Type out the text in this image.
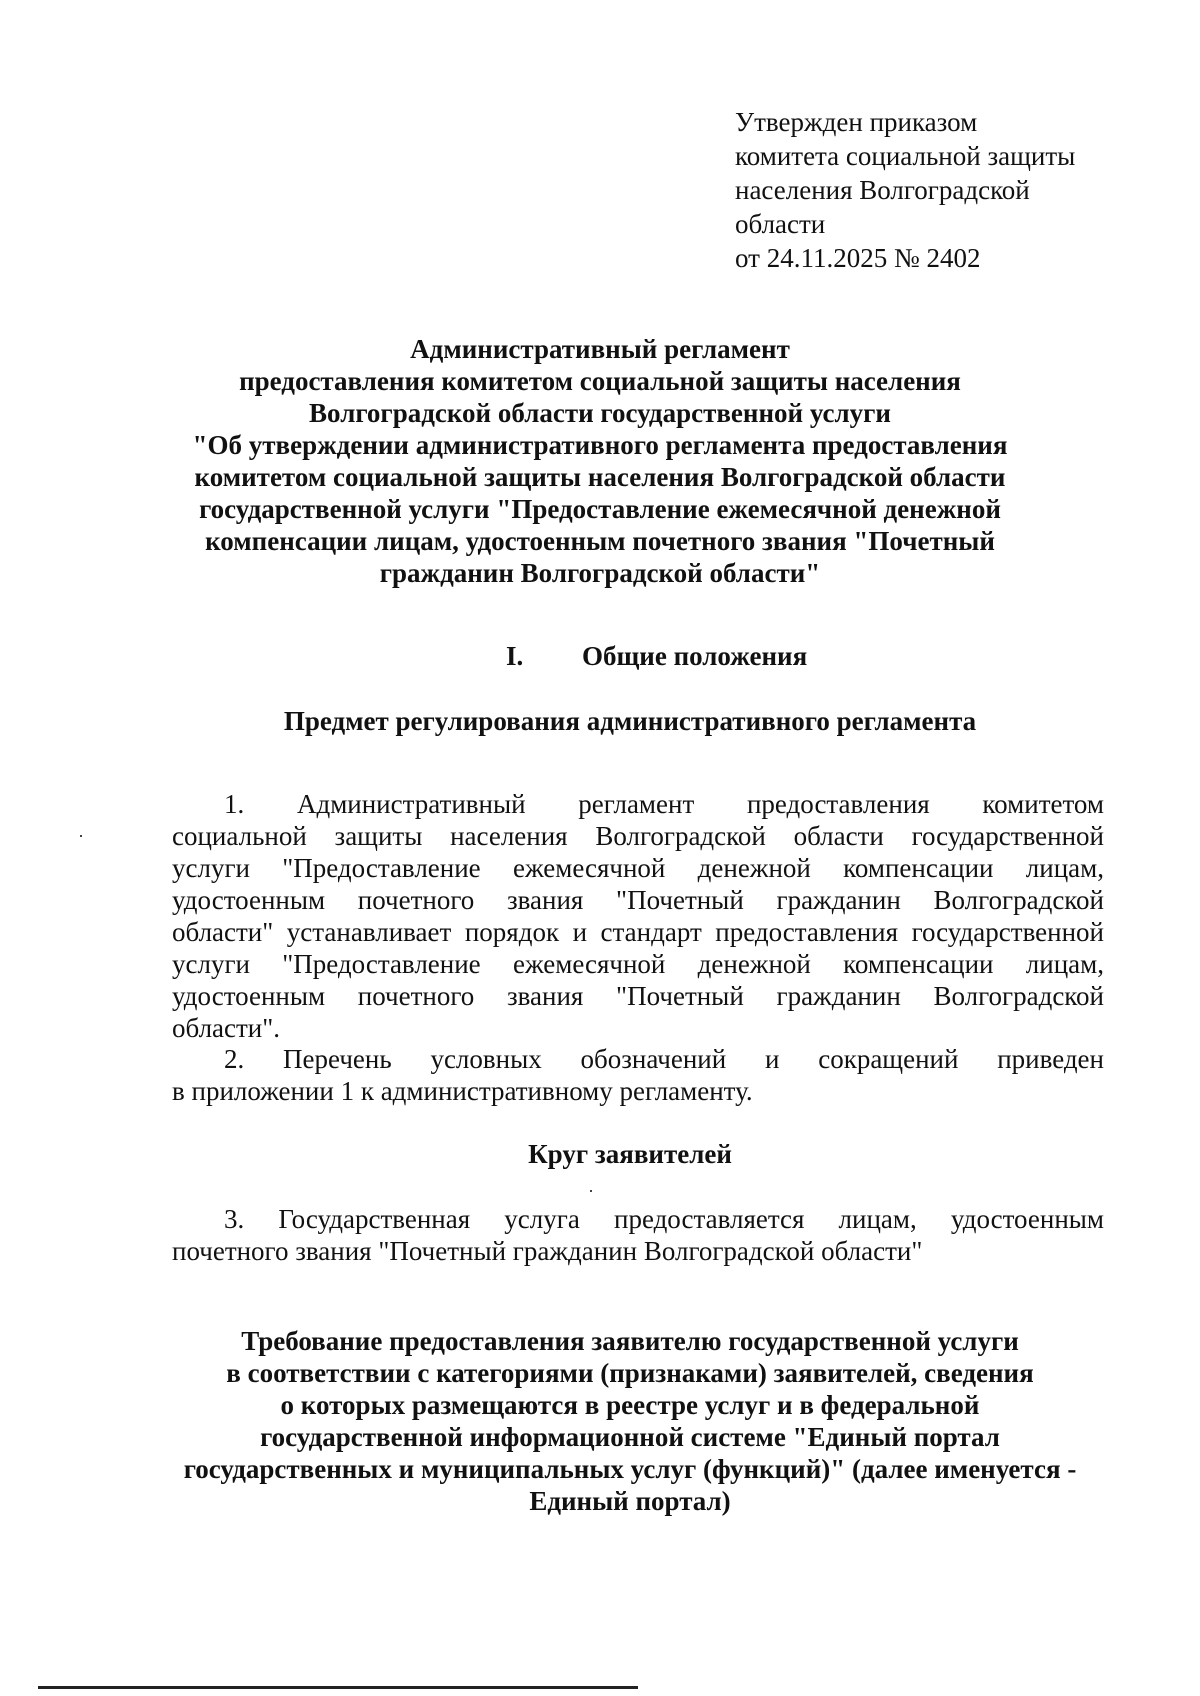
Утвержден приказом
комитета социальной защиты
населения Волгоградской
области
от 24.11.2025 № 2402
Административный регламент
предоставления комитетом социальной защиты населения
Волгоградской области государственной услуги
"Об утверждении административного регламента предоставления
комитетом социальной защиты населения Волгоградской области
государственной услуги "Предоставление ежемесячной денежной
компенсации лицам, удостоенным почетного звания "Почетный
гражданин Волгоградской области"
I. Общие положения
Предмет регулирования административного регламента
1. Административный регламент предоставления комитетом
социальной защиты населения Волгоградской области государственной
услуги "Предоставление ежемесячной денежной компенсации лицам,
удостоенным почетного звания "Почетный гражданин Волгоградской
области" устанавливает порядок и стандарт предоставления государственной
услуги "Предоставление ежемесячной денежной компенсации лицам,
удостоенным почетного звания "Почетный гражданин Волгоградской
области".
2. Перечень условных обозначений и сокращений приведен
в приложении 1 к административному регламенту.
Круг заявителей
3. Государственная услуга предоставляется лицам, удостоенным
почетного звания "Почетный гражданин Волгоградской области"
Требование предоставления заявителю государственной услуги
в соответствии с категориями (признаками) заявителей, сведения
о которых размещаются в реестре услуг и в федеральной
государственной информационной системе "Единый портал
государственных и муниципальных услуг (функций)" (далее именуется -
Единый портал)
